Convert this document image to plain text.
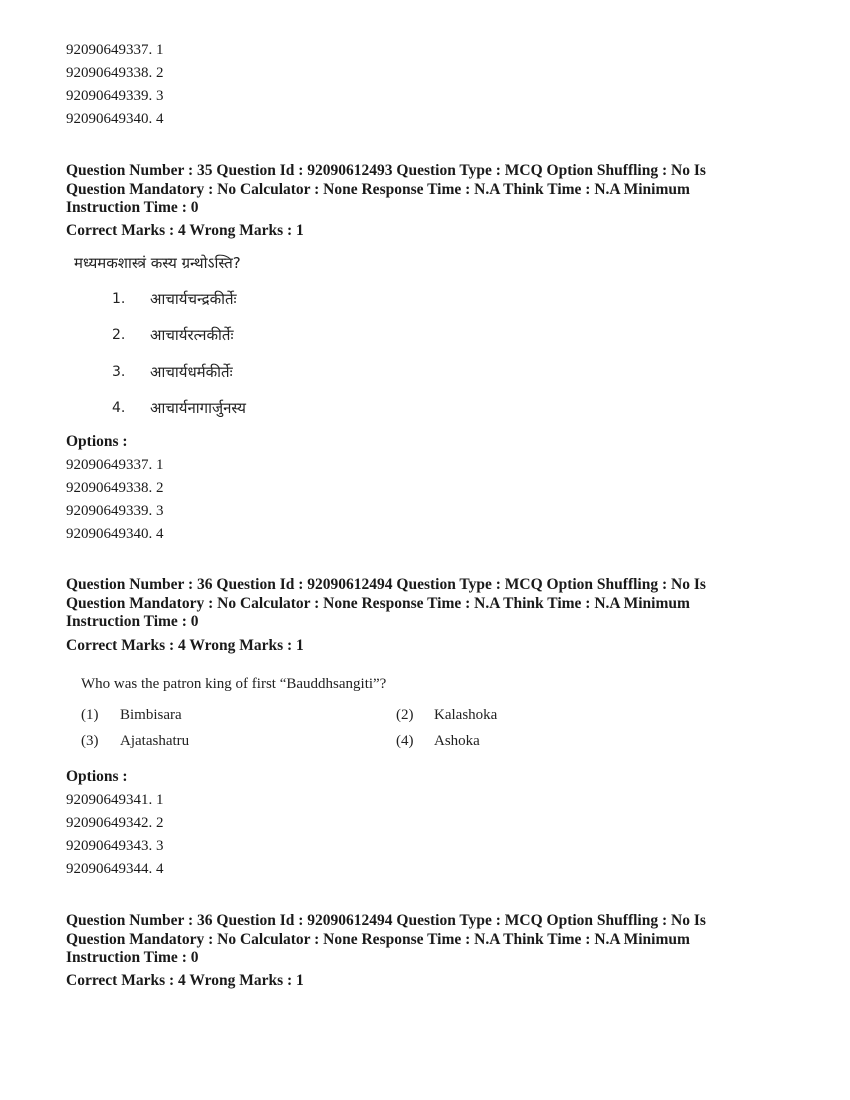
92090649337. 1
92090649338. 2
92090649339. 3
92090649340. 4
Question Number : 35 Question Id : 92090612493 Question Type : MCQ Option Shuffling : No Is
Question Mandatory : No Calculator : None Response Time : N.A Think Time : N.A Minimum
Instruction Time : 0
Correct Marks : 4 Wrong Marks : 1
मध्यमकशास्त्रं कस्य ग्रन्थोऽस्ति?
1. आचार्यचन्द्रकीर्तेः
2. आचार्यरत्नकीर्तेः
3. आचार्यधर्मकीर्तेः
4. आचार्यनागार्जुनस्य
Options :
92090649337. 1
92090649338. 2
92090649339. 3
92090649340. 4
Question Number : 36 Question Id : 92090612494 Question Type : MCQ Option Shuffling : No Is
Question Mandatory : No Calculator : None Response Time : N.A Think Time : N.A Minimum
Instruction Time : 0
Correct Marks : 4 Wrong Marks : 1
Who was the patron king of first “Bauddhsangiti”?
(1) Bimbisara	(2) Kalashoka
(3) Ajatashatru	(4) Ashoka
Options :
92090649341. 1
92090649342. 2
92090649343. 3
92090649344. 4
Question Number : 36 Question Id : 92090612494 Question Type : MCQ Option Shuffling : No Is
Question Mandatory : No Calculator : None Response Time : N.A Think Time : N.A Minimum
Instruction Time : 0
Correct Marks : 4 Wrong Marks : 1
